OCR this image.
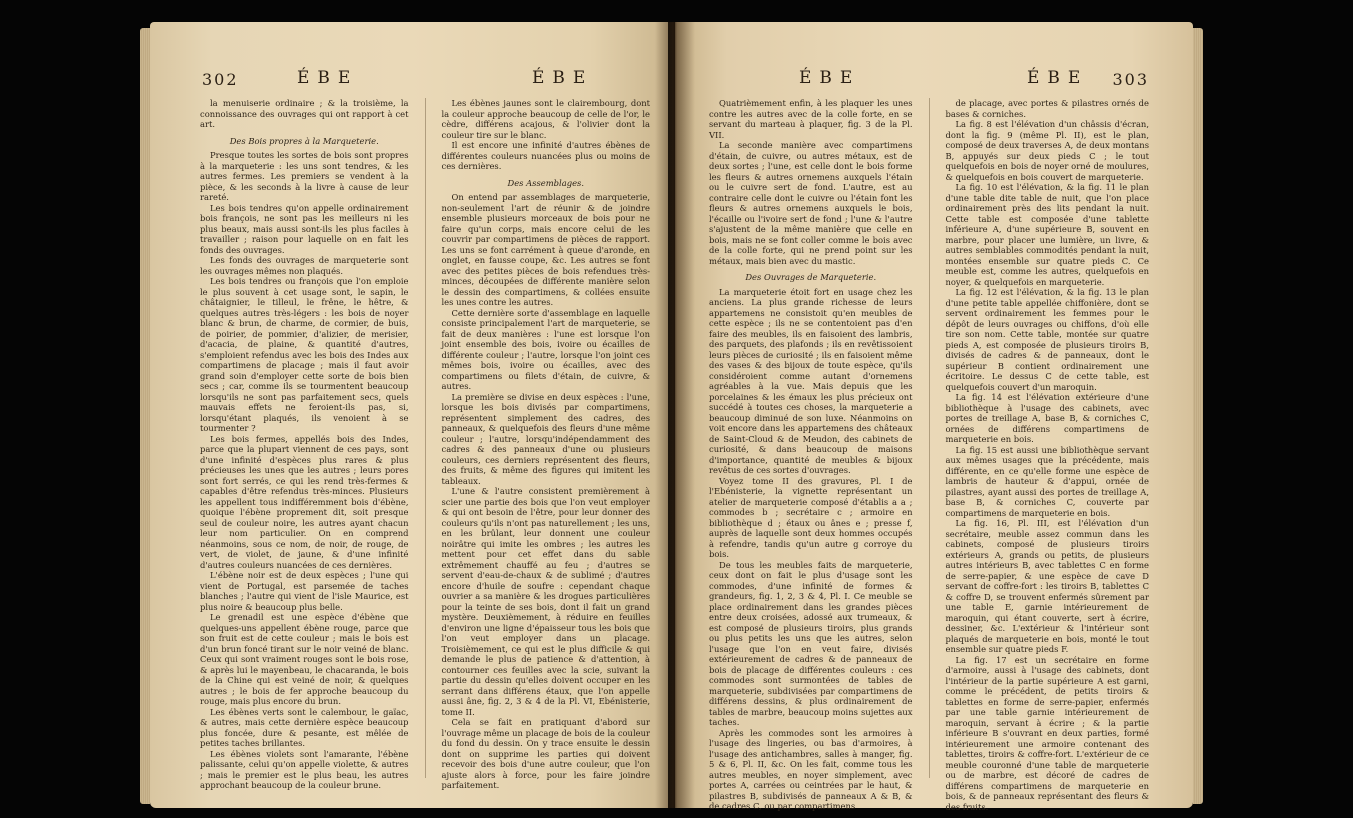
302	ÉBE	ÉBE

la menuiserie ordinaire ; & la troisième, la connoissance des ouvrages qui ont rapport à cet art.

Des Bois propres à la Marqueterie.

Presque toutes les sortes de bois sont propres à la marqueterie : les uns sont tendres, & les autres fermes. Les premiers se vendent à la pièce, & les seconds à la livre à cause de leur rareté.

Les bois tendres qu'on appelle ordinairement bois françois, ne sont pas les meilleurs ni les plus beaux, mais aussi sont-ils les plus faciles à travailler ; raison pour laquelle on en fait les fonds des ouvrages.

Les fonds des ouvrages de marqueterie sont les ouvrages mêmes non plaqués.

Les bois tendres ou françois que l'on emploie le plus souvent à cet usage sont, le sapin, le châtaignier, le tilleul, le frêne, le hêtre, & quelques autres très-légers : les bois de noyer blanc & brun, de charme, de cormier, de buis, de poirier, de pommier, d'alizier, de merisier, d'acacia, de plaine, & quantité d'autres, s'emploient refendus avec les bois des Indes aux compartimens de placage ; mais il faut avoir grand soin d'employer cette sorte de bois bien secs ; car, comme ils se tourmentent beaucoup lorsqu'ils ne sont pas parfaitement secs, quels mauvais effets ne feroient-ils pas, si, lorsqu'étant plaqués, ils venoient à se tourmenter ?

Les bois fermes, appellés bois des Indes, parce que la plupart viennent de ces pays, sont d'une infinité d'espèces plus rares & plus précieuses les unes que les autres ; leurs pores sont fort serrés, ce qui les rend très-fermes & capables d'être refendus très-minces. Plusieurs les appellent tous indifféremment bois d'ébène, quoique l'ébène proprement dit, soit presque seul de couleur noire, les autres ayant chacun leur nom particulier. On en comprend néanmoins, sous ce nom, de noir, de rouge, de vert, de violet, de jaune, & d'une infinité d'autres couleurs nuancées de ces dernières.

L'ébène noir est de deux espèces ; l'une qui vient de Portugal, est parsemée de taches blanches ; l'autre qui vient de l'isle Maurice, est plus noire & beaucoup plus belle.

Le grenadil est une espèce d'ébène que quelques-uns appellent ébène rouge, parce que son fruit est de cette couleur ; mais le bois est d'un brun foncé tirant sur le noir veiné de blanc. Ceux qui sont vraiment rouges sont le bois rose, & après lui le mayenbeau, le chacaranda, le bois de la Chine qui est veiné de noir, & quelques autres ; le bois de fer approche beaucoup du rouge, mais plus encore du brun.

Les ébènes verts sont le calembour, le gaïac, & autres, mais cette dernière espèce beaucoup plus foncée, dure & pesante, est mêlée de petites taches brillantes.

Les ébènes violets sont l'amarante, l'ébène palissante, celui qu'on appelle violette, & autres ; mais le premier est le plus beau, les autres approchant beaucoup de la couleur brune.

Les ébènes jaunes sont le clairembourg, dont la couleur approche beaucoup de celle de l'or, le cèdre, différens acajous, & l'olivier dont la couleur tire sur le blanc.

Il est encore une infinité d'autres ébènes de différentes couleurs nuancées plus ou moins de ces dernières.

Des Assemblages.

On entend par assemblages de marqueterie, non-seulement l'art de réunir & de joindre ensemble plusieurs morceaux de bois pour ne faire qu'un corps, mais encore celui de les couvrir par compartimens de pièces de rapport. Les uns se font carrément à queue d'aronde, en onglet, en fausse coupe, &c. Les autres se font avec des petites pièces de bois refendues très-minces, découpées de différente manière selon le dessin des compartimens, & collées ensuite les unes contre les autres.

Cette dernière sorte d'assemblage en laquelle consiste principalement l'art de marqueterie, se fait de deux manières : l'une est lorsque l'on joint ensemble des bois, ivoire ou écailles de différente couleur ; l'autre, lorsque l'on joint ces mêmes bois, ivoire ou écailles, avec des compartimens ou filets d'étain, de cuivre, & autres.

La première se divise en deux espèces : l'une, lorsque les bois divisés par compartimens, représentent simplement des cadres, des panneaux, & quelquefois des fleurs d'une même couleur ; l'autre, lorsqu'indépendamment des cadres & des panneaux d'une ou plusieurs couleurs, ces derniers représentent des fleurs, des fruits, & même des figures qui imitent les tableaux.

L'une & l'autre consistent premièrement à scier une partie des bois que l'on veut employer & qui ont besoin de l'être, pour leur donner des couleurs qu'ils n'ont pas naturellement ; les uns, en les brûlant, leur donnent une couleur noirâtre qui imite les ombres ; les autres les mettent pour cet effet dans du sable extrêmement chauffé au feu ; d'autres se servent d'eau-de-chaux & de sublimé ; d'autres encore d'huile de soufre : cependant chaque ouvrier a sa manière & les drogues particulières pour la teinte de ses bois, dont il fait un grand mystère. Deuxièmement, à réduire en feuilles d'environ une ligne d'épaisseur tous les bois que l'on veut employer dans un placage. Troisièmement, ce qui est le plus difficile & qui demande le plus de patience & d'attention, à contourner ces feuilles avec la scie, suivant la partie du dessin qu'elles doivent occuper en les serrant dans différens étaux, que l'on appelle aussi âne, fig. 2, 3 & 4 de la Pl. VI, Ebénisterie, tome II.

Cela se fait en pratiquant d'abord sur l'ouvrage même un placage de bois de la couleur du fond du dessin. On y trace ensuite le dessin dont on supprime les parties qui doivent recevoir des bois d'une autre couleur, que l'on ajuste alors à force, pour les faire joindre parfaitement.

ÉBE	ÉBE 303

Quatrièmement enfin, à les plaquer les unes contre les autres avec de la colle forte, en se servant du marteau à plaquer, fig. 3 de la Pl. VII.

La seconde manière avec compartimens d'étain, de cuivre, ou autres métaux, est de deux sortes ; l'une, est celle dont le bois forme les fleurs & autres ornemens auxquels l'étain ou le cuivre sert de fond. L'autre, est au contraire celle dont le cuivre ou l'étain font les fleurs & autres ornemens auxquels le bois, l'écaille ou l'ivoire sert de fond ; l'une & l'autre s'ajustent de la même manière que celle en bois, mais ne se font coller comme le bois avec de la colle forte, qui ne prend point sur les métaux, mais bien avec du mastic.

Des Ouvrages de Marqueterie.

La marqueterie étoit fort en usage chez les anciens. La plus grande richesse de leurs appartemens ne consistoit qu'en meubles de cette espèce ; ils ne se contentoient pas d'en faire des meubles, ils en faisoient des lambris, des parquets, des plafonds ; ils en revêtissoient leurs pièces de curiosité ; ils en faisoient même des vases & des bijoux de toute espèce, qu'ils considéroient comme autant d'ornemens agréables à la vue. Mais depuis que les porcelaines & les émaux les plus précieux ont succédé à toutes ces choses, la marqueterie a beaucoup diminué de son luxe. Néanmoins on voit encore dans les appartemens des châteaux de Saint-Cloud & de Meudon, des cabinets de curiosité, & dans beaucoup de maisons d'importance, quantité de meubles & bijoux revêtus de ces sortes d'ouvrages.

Voyez tome II des gravures, Pl. I de l'Ebénisterie, la vignette représentant un atelier de marqueterie composé d'établis a a ; commodes b ; secrétaire c ; armoire en bibliothèque d ; étaux ou ânes e ; presse f, auprès de laquelle sont deux hommes occupés à refendre, tandis qu'un autre g corroye du bois.

De tous les meubles faits de marqueterie, ceux dont on fait le plus d'usage sont les commodes, d'une infinité de formes & grandeurs, fig. 1, 2, 3 & 4, Pl. I. Ce meuble se place ordinairement dans les grandes pièces entre deux croisées, adossé aux trumeaux, & est composé de plusieurs tiroirs, plus grands ou plus petits les uns que les autres, selon l'usage que l'on en veut faire, divisés extérieurement de cadres & de panneaux de bois de placage de différentes couleurs : ces commodes sont surmontées de tables de marqueterie, subdivisées par compartimens de différens dessins, & plus ordinairement de tables de marbre, beaucoup moins sujettes aux taches.

Après les commodes sont les armoires à l'usage des lingeries, ou bas d'armoires, à l'usage des antichambres, salles à manger, fig. 5 & 6, Pl. II, &c. On les fait, comme tous les autres meubles, en noyer simplement, avec portes A, carrées ou ceintrées par le haut, & pilastres B, subdivisés de panneaux A & B, & de cadres C, ou par compartimens

de placage, avec portes & pilastres ornés de bases & corniches.

La fig. 8 est l'élévation d'un châssis d'écran, dont la fig. 9 (même Pl. II), est le plan, composé de deux traverses A, de deux montans B, appuyés sur deux pieds C ; le tout quelquefois en bois de noyer orné de moulures, & quelquefois en bois couvert de marqueterie.

La fig. 10 est l'élévation, & la fig. 11 le plan d'une table dite table de nuit, que l'on place ordinairement près des lits pendant la nuit. Cette table est composée d'une tablette inférieure A, d'une supérieure B, souvent en marbre, pour placer une lumière, un livre, & autres semblables commodités pendant la nuit, montées ensemble sur quatre pieds C. Ce meuble est, comme les autres, quelquefois en noyer, & quelquefois en marqueterie.

La fig. 12 est l'élévation, & la fig. 13 le plan d'une petite table appellée chiffonière, dont se servent ordinairement les femmes pour le dépôt de leurs ouvrages ou chiffons, d'où elle tire son nom. Cette table, montée sur quatre pieds A, est composée de plusieurs tiroirs B, divisés de cadres & de panneaux, dont le supérieur B contient ordinairement une écritoire. Le dessus C de cette table, est quelquefois couvert d'un maroquin.

La fig. 14 est l'élévation extérieure d'une bibliothèque à l'usage des cabinets, avec portes de treillage A, base B, & corniches C, ornées de différens compartimens de marqueterie en bois.

La fig. 15 est aussi une bibliothèque servant aux mêmes usages que la précédente, mais différente, en ce qu'elle forme une espèce de lambris de hauteur & d'appui, ornée de pilastres, ayant aussi des portes de treillage A, base B, & corniches C, couverte par compartimens de marqueterie en bois.

La fig. 16, Pl. III, est l'élévation d'un secrétaire, meuble assez commun dans les cabinets, composé de plusieurs tiroirs extérieurs A, grands ou petits, de plusieurs autres intérieurs B, avec tablettes C en forme de serre-papier, & une espèce de cave D servant de coffre-fort : les tiroirs B, tablettes C & coffre D, se trouvent enfermés sûrement par une table E, garnie intérieurement de maroquin, qui étant couverte, sert à écrire, dessiner, &c. L'extérieur & l'intérieur sont plaqués de marqueterie en bois, monté le tout ensemble sur quatre pieds F.

La fig. 17 est un secrétaire en forme d'armoire, aussi à l'usage des cabinets, dont l'intérieur de la partie supérieure A est garni, comme le précédent, de petits tiroirs & tablettes en forme de serre-papier, enfermés par une table garnie intérieurement de maroquin, servant à écrire ; & la partie inférieure B s'ouvrant en deux parties, formé intérieurement une armoire contenant des tablettes, tiroirs & coffre-fort. L'extérieur de ce meuble couronné d'une table de marqueterie ou de marbre, est décoré de cadres de différens compartimens de marqueterie en bois, & de panneaux représentant des fleurs & des fruits.
